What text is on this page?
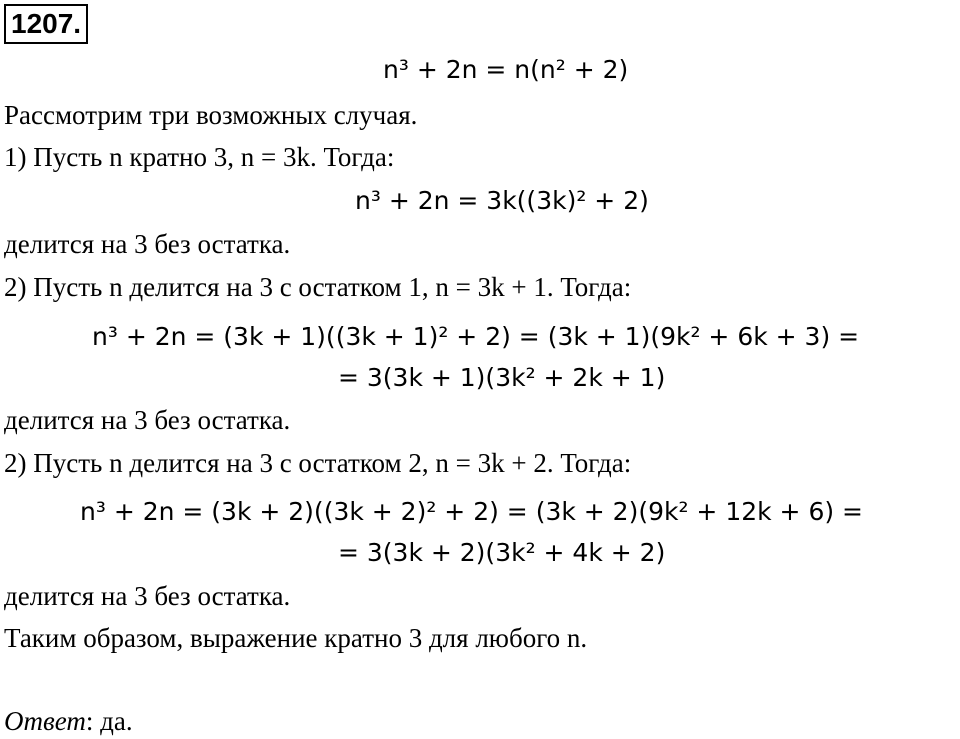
1207.
n³ + 2n = n(n² + 2)
Рассмотрим три возможных случая.
1) Пусть n кратно 3, n = 3k. Тогда:
n³ + 2n = 3k((3k)² + 2)
делится на 3 без остатка.
2) Пусть n делится на 3 с остатком 1, n = 3k + 1. Тогда:
n³ + 2n = (3k + 1)((3k + 1)² + 2) = (3k + 1)(9k² + 6k + 3) =
= 3(3k + 1)(3k² + 2k + 1)
делится на 3 без остатка.
2) Пусть n делится на 3 с остатком 2, n = 3k + 2. Тогда:
n³ + 2n = (3k + 2)((3k + 2)² + 2) = (3k + 2)(9k² + 12k + 6) =
= 3(3k + 2)(3k² + 4k + 2)
делится на 3 без остатка.
Таким образом, выражение кратно 3 для любого n.
Ответ: да.
